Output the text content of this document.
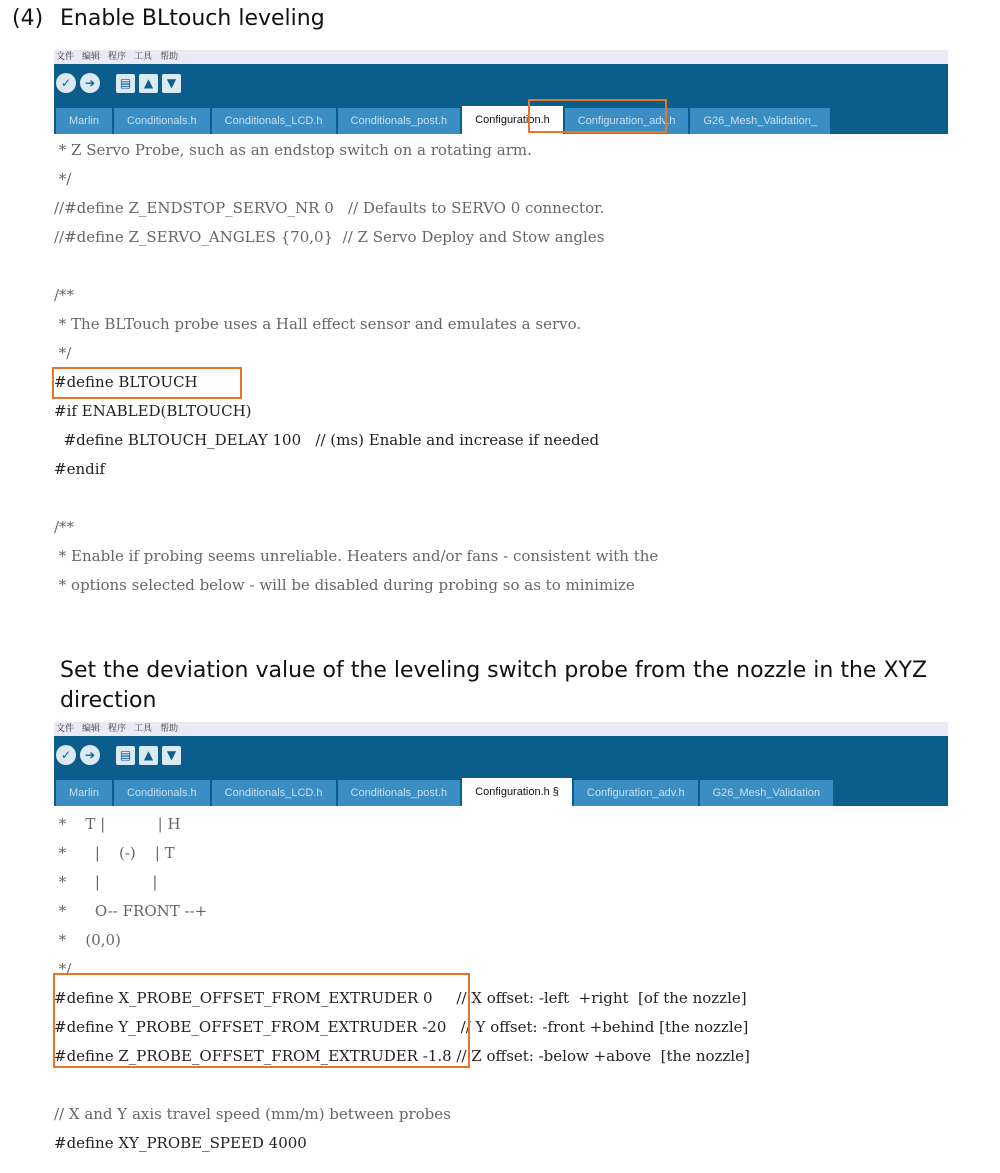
(4) Enable BLtouch leveling
文件 编辑 程序 工具 帮助
✓	➔	▤	▲	▼
Marlin	Conditionals.h	Conditionals_LCD.h	Conditionals_post.h	Configuration.h	Configuration_adv.h	G26_Mesh_Validation_
* Z Servo Probe, such as an endstop switch on a rotating arm.
*/
//#define Z_ENDSTOP_SERVO_NR 0   // Defaults to SERVO 0 connector.
//#define Z_SERVO_ANGLES {70,0}  // Z Servo Deploy and Stow angles
/**
* The BLTouch probe uses a Hall effect sensor and emulates a servo.
*/
#define BLTOUCH
#if ENABLED(BLTOUCH)
#define BLTOUCH_DELAY 100   // (ms) Enable and increase if needed
#endif
/**
* Enable if probing seems unreliable. Heaters and/or fans - consistent with the
* options selected below - will be disabled during probing so as to minimize
Set the deviation value of the leveling switch probe from the nozzle in the XYZ direction
文件 编辑 程序 工具 帮助
✓	➔	▤	▲	▼
Marlin	Conditionals.h	Conditionals_LCD.h	Conditionals_post.h	Configuration.h §	Configuration_adv.h	G26_Mesh_Validation
*    T |           | H
*      |    (-)    | T
*      |           |
*      O-- FRONT --+
*    (0,0)
*/
#define X_PROBE_OFFSET_FROM_EXTRUDER 0     // X offset: -left  +right  [of the nozzle]
#define Y_PROBE_OFFSET_FROM_EXTRUDER -20   // Y offset: -front +behind [the nozzle]
#define Z_PROBE_OFFSET_FROM_EXTRUDER -1.8 // Z offset: -below +above  [the nozzle]
// X and Y axis travel speed (mm/m) between probes
#define XY_PROBE_SPEED 4000
